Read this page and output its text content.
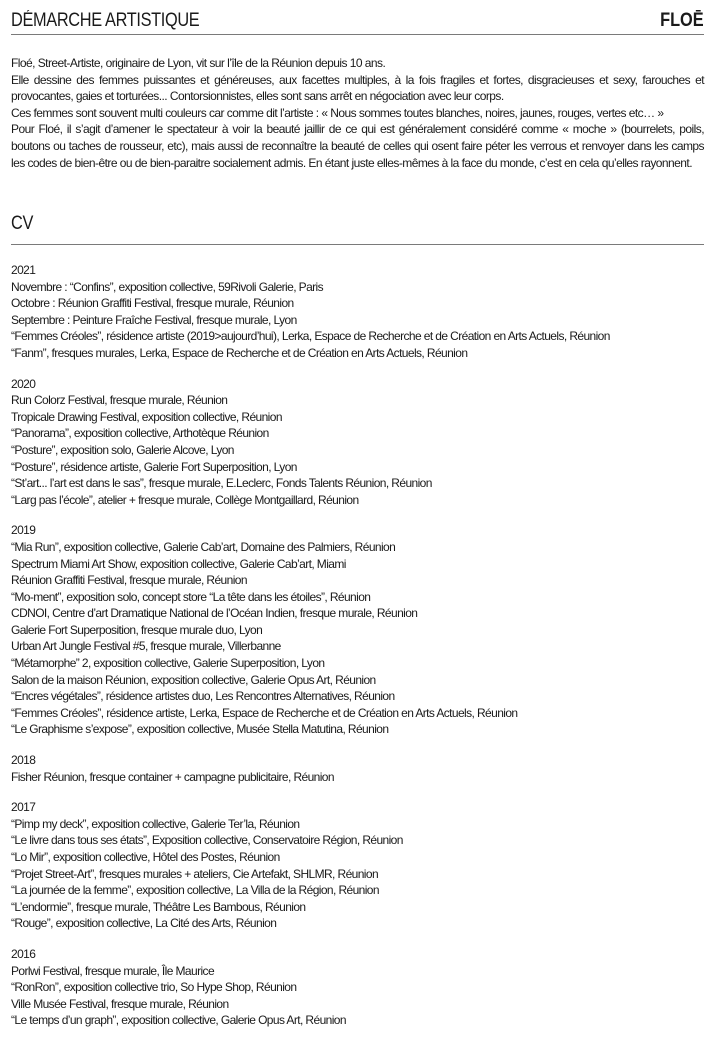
DÉMARCHE ARTISTIQUE	FLOĒ

Floé, Street-Artiste, originaire de Lyon, vit sur l’île de la Réunion depuis 10 ans.

Elle dessine des femmes puissantes et généreuses, aux facettes multiples, à la fois fragiles et fortes, disgracieuses et sexy, farouches et provocantes, gaies et torturées... Contorsionnistes, elles sont sans arrêt en négociation avec leur corps.

Ces femmes sont souvent multi couleurs car comme dit l’artiste : « Nous sommes toutes blanches, noires, jaunes, rouges, vertes etc… »

Pour Floé, il s’agit d’amener le spectateur à voir la beauté jaillir de ce qui est généralement considéré comme « moche » (bourrelets, poils, boutons ou taches de rousseur, etc), mais aussi de reconnaître la beauté de celles qui osent faire péter les verrous et renvoyer dans les camps les codes de bien-être ou de bien-paraitre socialement admis. En étant juste elles-mêmes à la face du monde, c’est en cela qu’elles rayonnent.

CV
2021
Novembre : “Confins”, exposition collective, 59Rivoli Galerie, Paris
Octobre : Réunion Graffiti Festival, fresque murale, Réunion
Septembre : Peinture Fraîche Festival, fresque murale, Lyon
“Femmes Créoles”, résidence artiste (2019>aujourd’hui), Lerka, Espace de Recherche et de Création en Arts Actuels, Réunion
“Fanm”, fresques murales, Lerka, Espace de Recherche et de Création en Arts Actuels, Réunion
2020
Run Colorz Festival, fresque murale, Réunion
Tropicale Drawing Festival, exposition collective, Réunion
“Panorama”, exposition collective, Arthotèque Réunion
“Posture”, exposition solo, Galerie Alcove, Lyon
“Posture”, résidence artiste, Galerie Fort Superposition, Lyon
“St’art... l’art est dans le sas”, fresque murale, E.Leclerc, Fonds Talents Réunion, Réunion
“Larg pas l’école”, atelier + fresque murale, Collège Montgaillard, Réunion
2019
“Mia Run”, exposition collective, Galerie Cab’art, Domaine des Palmiers, Réunion
Spectrum Miami Art Show, exposition collective, Galerie Cab’art, Miami
Réunion Graffiti Festival, fresque murale, Réunion
“Mo-ment”, exposition solo, concept store “La tête dans les étoiles”, Réunion
CDNOI, Centre d’art Dramatique National de l’Océan Indien, fresque murale, Réunion
Galerie Fort Superposition, fresque murale duo, Lyon
Urban Art Jungle Festival #5, fresque murale, Villerbanne
“Métamorphe” 2, exposition collective, Galerie Superposition, Lyon
Salon de la maison Réunion, exposition collective, Galerie Opus Art, Réunion
“Encres végétales”, résidence artistes duo, Les Rencontres Alternatives, Réunion
“Femmes Créoles”, résidence artiste, Lerka, Espace de Recherche et de Création en Arts Actuels, Réunion
“Le Graphisme s’expose”, exposition collective, Musée Stella Matutina, Réunion
2018
Fisher Réunion, fresque container + campagne publicitaire, Réunion
2017
“Pimp my deck”, exposition collective, Galerie Ter’la, Réunion
“Le livre dans tous ses états”, Exposition collective, Conservatoire Région, Réunion
“Lo Mir”, exposition collective, Hôtel des Postes, Réunion
“Projet Street-Art”, fresques murales + ateliers, Cie Artefakt, SHLMR, Réunion
“La journée de la femme”, exposition collective, La Villa de la Région, Réunion
“L’endormie”, fresque murale, Théâtre Les Bambous, Réunion
“Rouge”, exposition collective, La Cité des Arts, Réunion
2016
Porlwi Festival, fresque murale, Île Maurice
“RonRon”, exposition collective trio, So Hype Shop, Réunion
Ville Musée Festival, fresque murale, Réunion
“Le temps d’un graph”, exposition collective, Galerie Opus Art, Réunion
